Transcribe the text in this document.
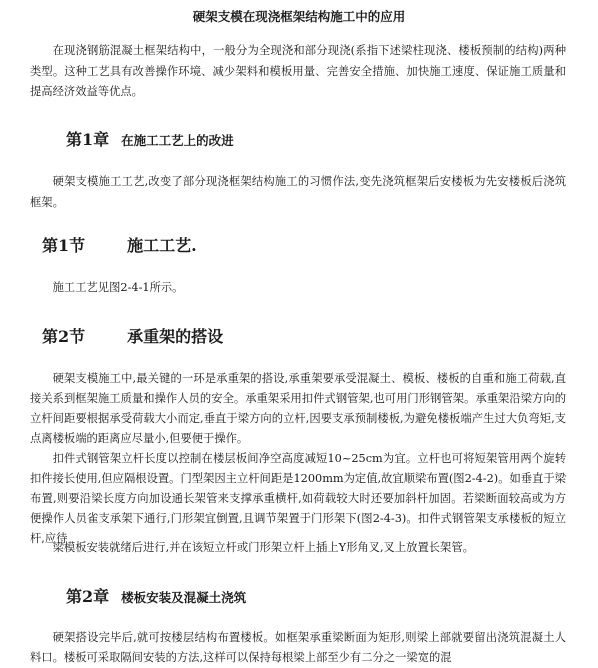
硬架支模在现浇框架结构施工中的应用

在现浇钢筋混凝土框架结构中，一般分为全现浇和部分现浇(系指下述梁柱现浇、楼板预制的结构)两种类型。这种工艺具有改善操作环境、减少架料和模板用量、完善安全措施、加快施工速度、保证施工质量和提高经济效益等优点。

第1章 在施工工艺上的改进

硬架支模施工工艺,改变了部分现浇框架结构施工的习惯作法,变先浇筑框架后安楼板为先安楼板后浇筑框架。

第1节	施工工艺.

施工工艺见图2-4-1所示。

第2节	承重架的搭设

硬架支模施工中,最关键的一环是承重架的搭设,承重架要承受混凝土、模板、楼板的自重和施工荷载,直接关系到框架施工质量和操作人员的安全。承重架采用扣件式钢管架,也可用门形钢管架。承重架沿梁方向的立杆间距要根据承受荷载大小而定,垂直于梁方向的立杆,因要支承预制楼板,为避免楼板端产生过大负弯矩,支点离楼板端的距离应尽量小,但要便于操作。

扣件式钢管架立杆长度以控制在楼层板间净空高度减短10~25cm为宜。立杆也可将短架管用两个旋转扣件接长使用,但应隔根设置。门型架因主立杆间距是1200mm为定值,故宜顺梁布置(图2-4-2)。如垂直于梁布置,则要沿梁长度方向加设通长架管来支撑承重横杆,如荷载较大时还要加斜杆加固。若梁断面较高或为方便操作人员雀支承架下通行,门形架宜倒置,且调节架置于门形架下(图2-4-3)。扣件式钢管架支承楼板的短立杆,应待

梁模板安装就绪后进行,并在该短立杆或门形架立杆上插上Y形角叉,叉上放置长架管。

第2章 楼板安装及混凝土浇筑

硬架搭设完毕后,就可按楼层结构布置楼板。如框架承重梁断面为矩形,则梁上部就要留出浇筑混凝土人料口。楼板可采取隔间安装的方法,这样可以保持每根梁上部至少有二分之一梁宽的混
